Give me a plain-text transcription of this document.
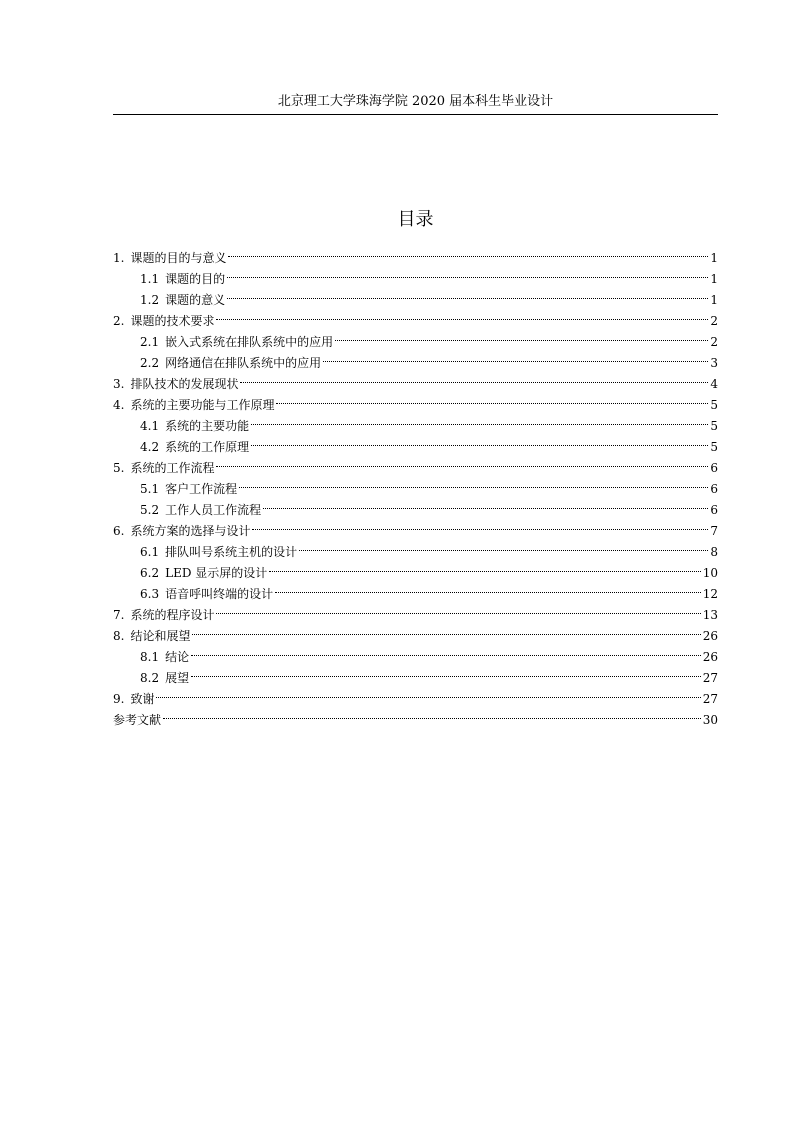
北京理工大学珠海学院 2020 届本科生毕业设计
目录
1. 课题的目的与意义	1
1.1 课题的目的	1
1.2 课题的意义	1
2. 课题的技术要求	2
2.1 嵌入式系统在排队系统中的应用	2
2.2 网络通信在排队系统中的应用	3
3. 排队技术的发展现状	4
4. 系统的主要功能与工作原理	5
4.1 系统的主要功能	5
4.2 系统的工作原理	5
5. 系统的工作流程	6
5.1 客户工作流程	6
5.2 工作人员工作流程	6
6. 系统方案的选择与设计	7
6.1 排队叫号系统主机的设计	8
6.2 LED 显示屏的设计	10
6.3 语音呼叫终端的设计	12
7. 系统的程序设计	13
8. 结论和展望	26
8.1 结论	26
8.2 展望	27
9. 致谢	27
参考文献	30
